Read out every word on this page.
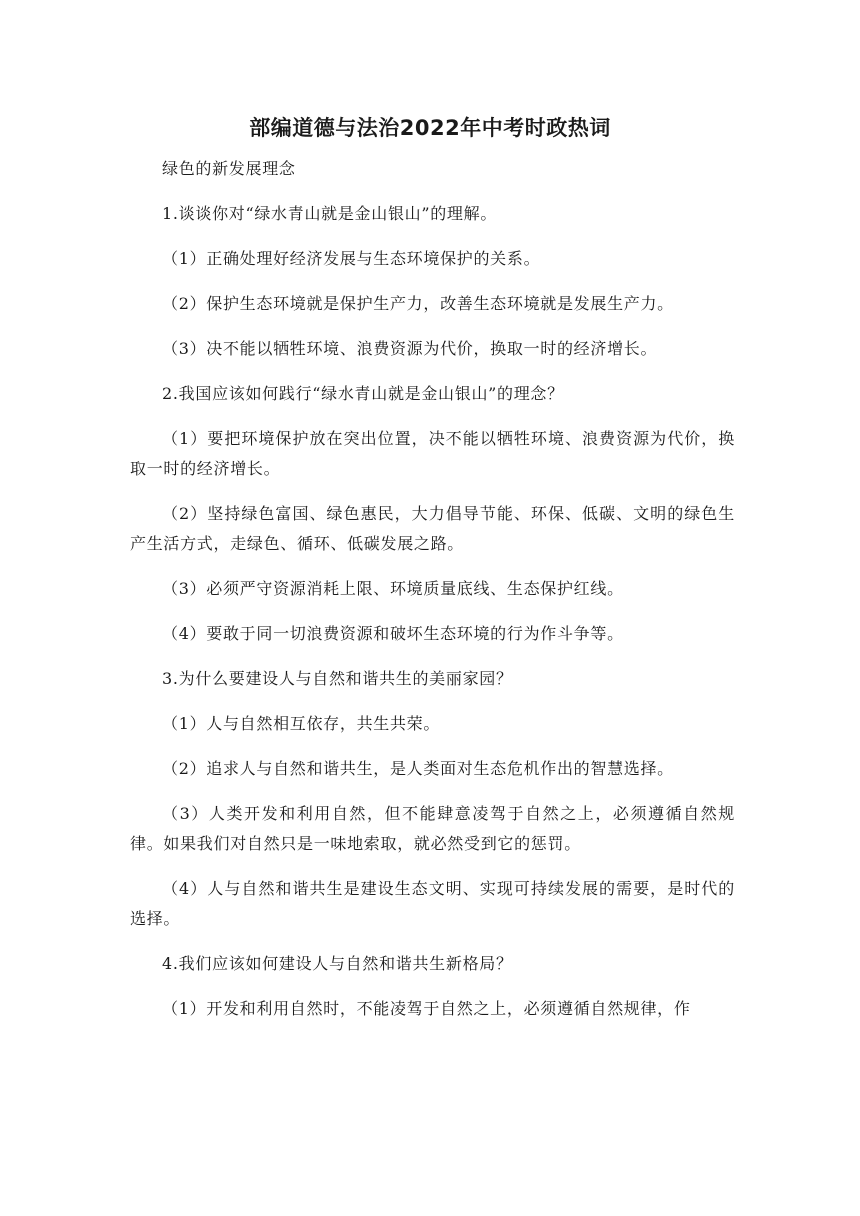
部编道德与法治2022年中考时政热词

绿色的新发展理念

1.谈谈你对“绿水青山就是金山银山”的理解。

（1）正确处理好经济发展与生态环境保护的关系。

（2）保护生态环境就是保护生产力，改善生态环境就是发展生产力。

（3）决不能以牺牲环境、浪费资源为代价，换取一时的经济增长。

2.我国应该如何践行“绿水青山就是金山银山”的理念？

（1）要把环境保护放在突出位置，决不能以牺牲环境、浪费资源为代价，换取一时的经济增长。

（2）坚持绿色富国、绿色惠民，大力倡导节能、环保、低碳、文明的绿色生产生活方式，走绿色、循环、低碳发展之路。

（3）必须严守资源消耗上限、环境质量底线、生态保护红线。

（4）要敢于同一切浪费资源和破坏生态环境的行为作斗争等。

3.为什么要建设人与自然和谐共生的美丽家园？

（1）人与自然相互依存，共生共荣。

（2）追求人与自然和谐共生，是人类面对生态危机作出的智慧选择。

（3）人类开发和利用自然，但不能肆意凌驾于自然之上，必须遵循自然规律。如果我们对自然只是一味地索取，就必然受到它的惩罚。

（4）人与自然和谐共生是建设生态文明、实现可持续发展的需要，是时代的选择。

4.我们应该如何建设人与自然和谐共生新格局？

（1）开发和利用自然时，不能凌驾于自然之上，必须遵循自然规律，作
